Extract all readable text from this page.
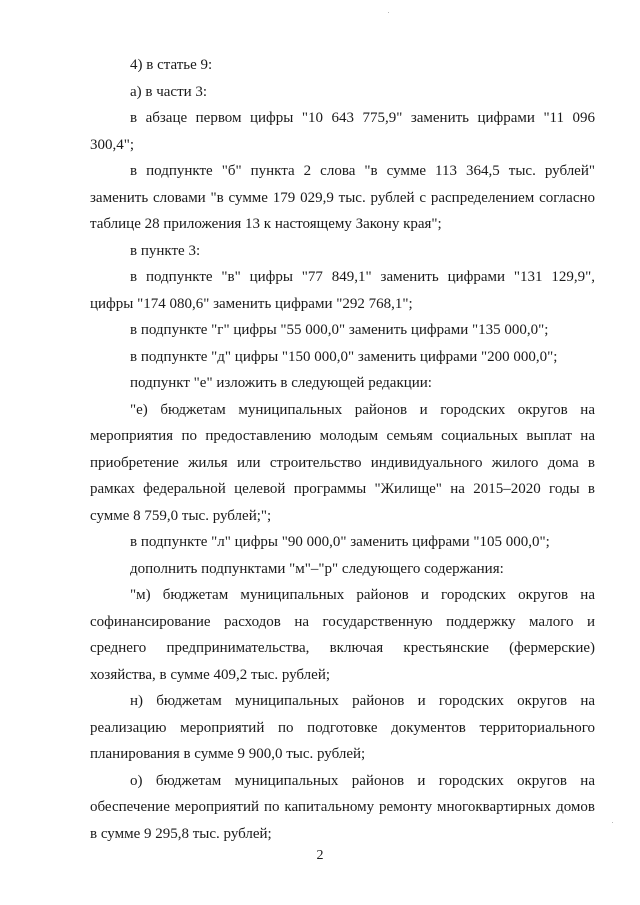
4) в статье 9:

а) в части 3:

в абзаце первом цифры "10 643 775,9" заменить цифрами "11 096 300,4";

в подпункте "б" пункта 2 слова "в сумме 113 364,5 тыс. рублей" заменить словами "в сумме 179 029,9 тыс. рублей с распределением согласно таблице 28 приложения 13 к настоящему Закону края";

в пункте 3:

в подпункте "в" цифры "77 849,1" заменить цифрами "131 129,9", цифры "174 080,6" заменить цифрами "292 768,1";

в подпункте "г" цифры "55 000,0" заменить цифрами "135 000,0";

в подпункте "д" цифры "150 000,0" заменить цифрами "200 000,0";

подпункт "е" изложить в следующей редакции:

"е) бюджетам муниципальных районов и городских округов на мероприятия по предоставлению молодым семьям социальных выплат на приобретение жилья или строительство индивидуального жилого дома в рамках федеральной целевой программы "Жилище" на 2015–2020 годы в сумме 8 759,0 тыс. рублей;";

в подпункте "л" цифры "90 000,0" заменить цифрами "105 000,0";

дополнить подпунктами "м"–"р" следующего содержания:

"м) бюджетам муниципальных районов и городских округов на софинансирование расходов на государственную поддержку малого и среднего предпринимательства, включая крестьянские (фермерские) хозяйства, в сумме 409,2 тыс. рублей;

н) бюджетам муниципальных районов и городских округов на реализацию мероприятий по подготовке документов территориального планирования в сумме 9 900,0 тыс. рублей;

о) бюджетам муниципальных районов и городских округов на обеспечение мероприятий по капитальному ремонту многоквартирных домов в сумме 9 295,8 тыс. рублей;

2
